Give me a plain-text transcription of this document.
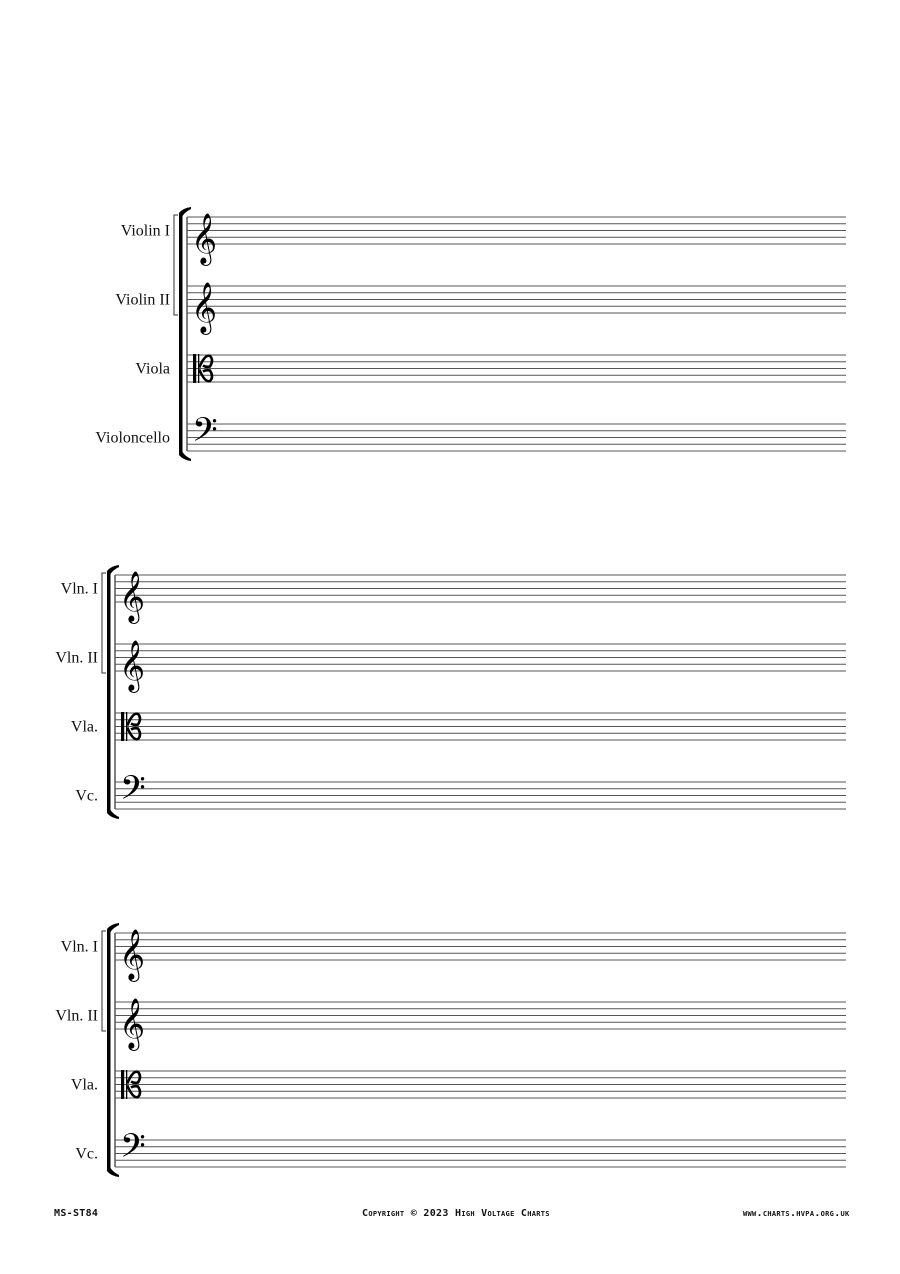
Violin I 𝄞
Violin II 𝄞
Viola
Violoncello 𝄢
Vln. I 𝄞
Vln. II 𝄞
Vla.
Vc. 𝄢
Vln. I 𝄞
Vln. II 𝄞
Vla.
Vc. 𝄢
MS-ST84	Copyright © 2023 High Voltage Charts	www.charts.hvpa.org.uk
